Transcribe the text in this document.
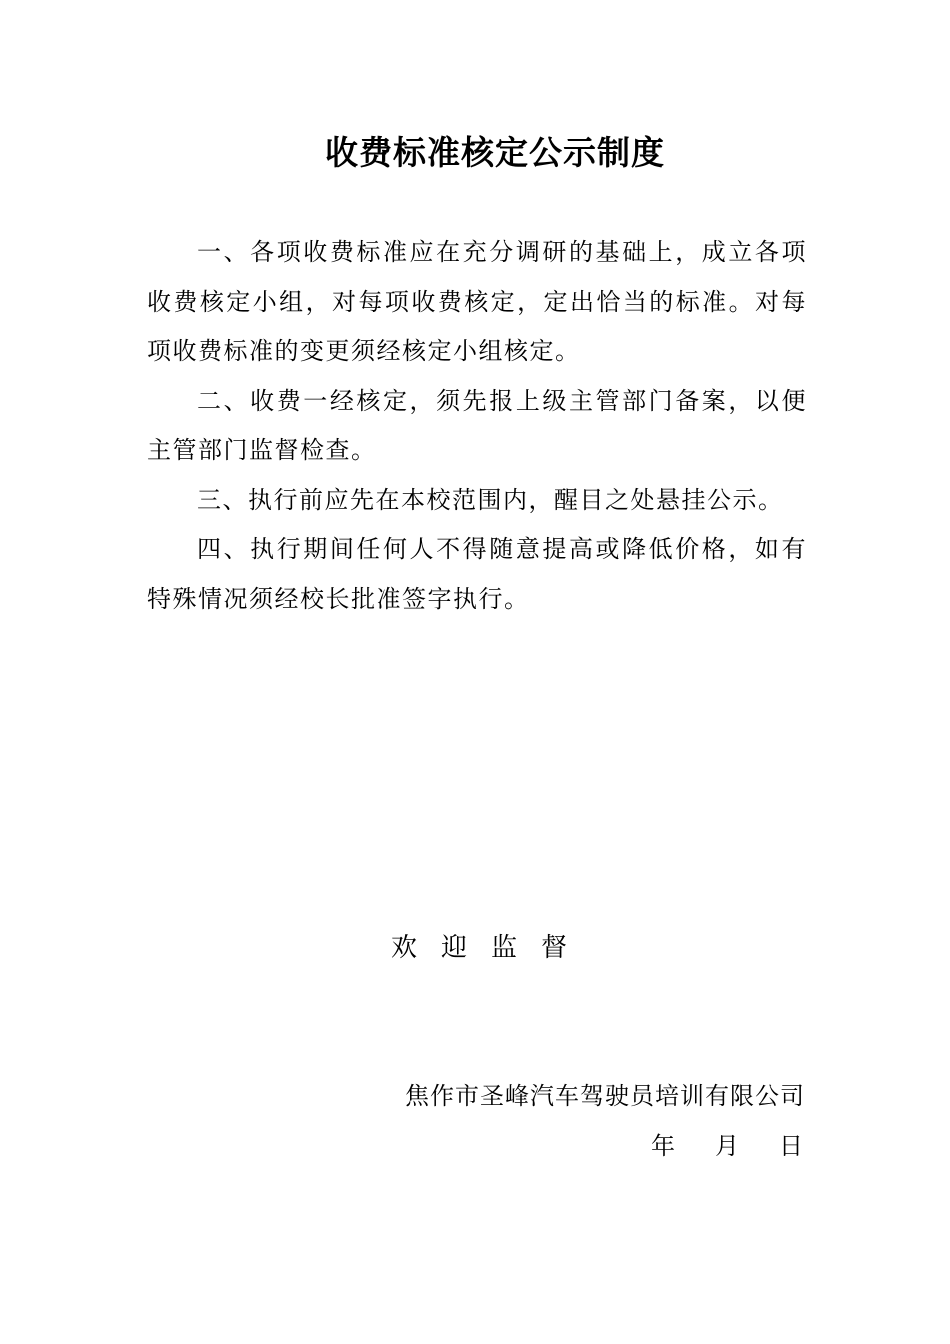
收费标准核定公示制度

一、各项收费标准应在充分调研的基础上，成立各项收费核定小组，对每项收费核定，定出恰当的标准。对每项收费标准的变更须经核定小组核定。

二、收费一经核定，须先报上级主管部门备案，以便主管部门监督检查。

三、执行前应先在本校范围内，醒目之处悬挂公示。

四、执行期间任何人不得随意提高或降低价格，如有特殊情况须经校长批准签字执行。

欢迎监督
焦作市圣峰汽车驾驶员培训有限公司
年 月 日
